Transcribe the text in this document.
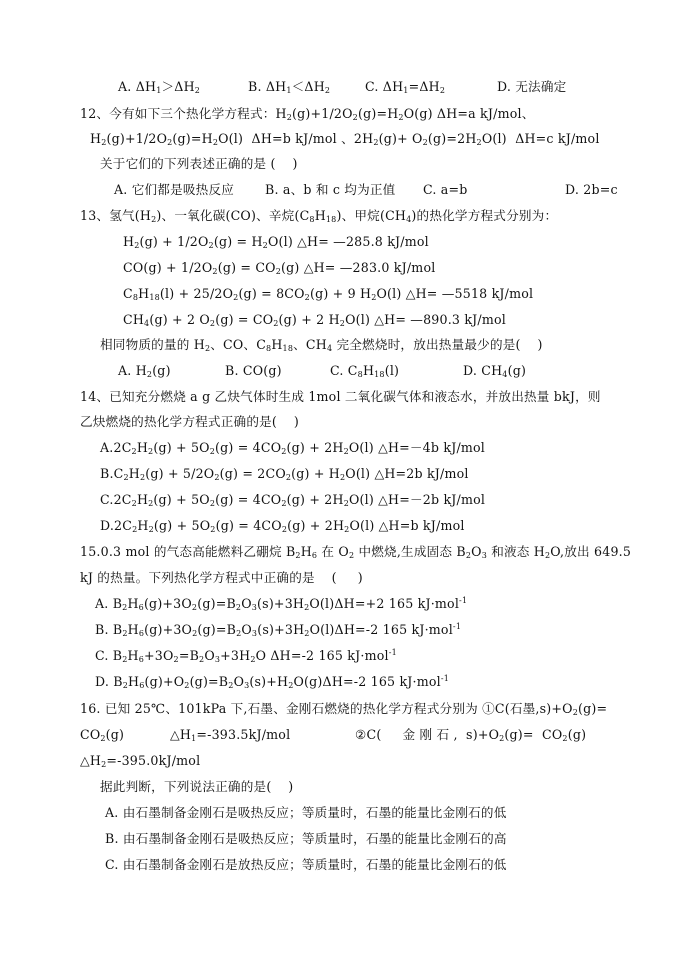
A. $\Delta H_1>\Delta H_2$	B. $\Delta H_1<\Delta H_2$	C. $\Delta H_1=\Delta H_2$	D. 无法确定
12、今有如下三个热化学方程式：$H_2(g)+1/2O_2(g)=H_2O(g)$ ΔH=a kJ/mol、
$H_2(g)+1/2O_2(g)=H_2O(l)$  ΔH=b kJ/mol 、$2H_2(g)+ O_2(g)=2H_2O(l)$  ΔH=c kJ/mol
关于它们的下列表述正确的是 (    )
A. 它们都是吸热反应 B. a、b 和 c 均为正值 C. a=b	D. 2b=c
13、氢气$(H_2)$、一氧化碳(CO)、辛烷$(C_8H_{18})$、甲烷$(CH_4)$的热化学方程式分别为：
$H_2(g) + 1/2O_2(g) = H_2O(l)$ △H= —285.8 kJ/mol
$CO(g) + 1/2O_2(g) = CO_2(g)$ △H= —283.0 kJ/mol
$C_8H_{18}(l) + 25/2O_2(g) = 8CO_2(g) + 9$ $H_2O(l)$ △H= —5518 kJ/mol
$CH_4(g) + 2$ $O_2(g) = CO_2(g) + 2$ $H_2O(l)$ △H= —890.3 kJ/mol
相同物质的量的 $H_2$、CO、$C_8H_{18}$、$CH_4$ 完全燃烧时，放出热量最少的是(    )
A. $H_2(g)$	B. CO(g)	C. $C_8H_{18}(l)$	D. $CH_4(g)$
14、已知充分燃烧 a g 乙炔气体时生成 1mol 二氧化碳气体和液态水，并放出热量 bkJ，则
乙炔燃烧的热化学方程式正确的是(    )
$A.2C_2H_2(g) + 5O_2(g) = 4CO_2(g) + 2H_2O(l)$ △H=－4b kJ/mol
$B.C_2H_2(g) + 5/2O_2(g) = 2CO_2(g) + H_2O(l)$ △H=2b kJ/mol
$C.2C_2H_2(g) + 5O_2(g) = 4CO_2(g) + 2H_2O(l)$ △H=－2b kJ/mol
$D.2C_2H_2(g) + 5O_2(g) = 4CO_2(g) + 2H_2O(l)$ △H=b kJ/mol
15.0.3 mol 的气态高能燃料乙硼烷 $B_2H_6$ 在 $O_2$ 中燃烧,生成固态 $B_2O_3$ 和液态 $H_2O$,放出 649.5
kJ 的热量。下列热化学方程式中正确的是    (     )
A. $B_2H_6(g)+3O_2(g)=B_2O_3(s)+3H_2O(l)\Delta H=+2$ 165 kJ·mol$^{-1}$
B. $B_2H_6(g)+3O_2(g)=B_2O_3(s)+3H_2O(l)\Delta H=-2$ 165 kJ·mol$^{-1}$
C. $B_2H_6+3O_2=B_2O_3+3H_2O$ ΔH=-2 165 kJ·mol$^{-1}$
D. $B_2H_6(g)+O_2(g)=B_2O_3(s)+H_2O(g)\Delta H=-2$ 165 kJ·mol$^{-1}$
16. 已知 25℃、101kPa 下,石墨、金刚石燃烧的热化学方程式分别为 ①C(石墨$,s)+O_2(g)=$
$CO_2(g)$	$\triangle H_1=-393.5kJ$/mol	②C(     金 刚 石 ,  $s)+O_2(g)= CO_2(g)$
$\triangle H_2=-395.0kJ$/mol
据此判断，下列说法正确的是(    )
A. 由石墨制备金刚石是吸热反应；等质量时，石墨的能量比金刚石的低
B. 由石墨制备金刚石是吸热反应；等质量时，石墨的能量比金刚石的高
C. 由石墨制备金刚石是放热反应；等质量时，石墨的能量比金刚石的低
